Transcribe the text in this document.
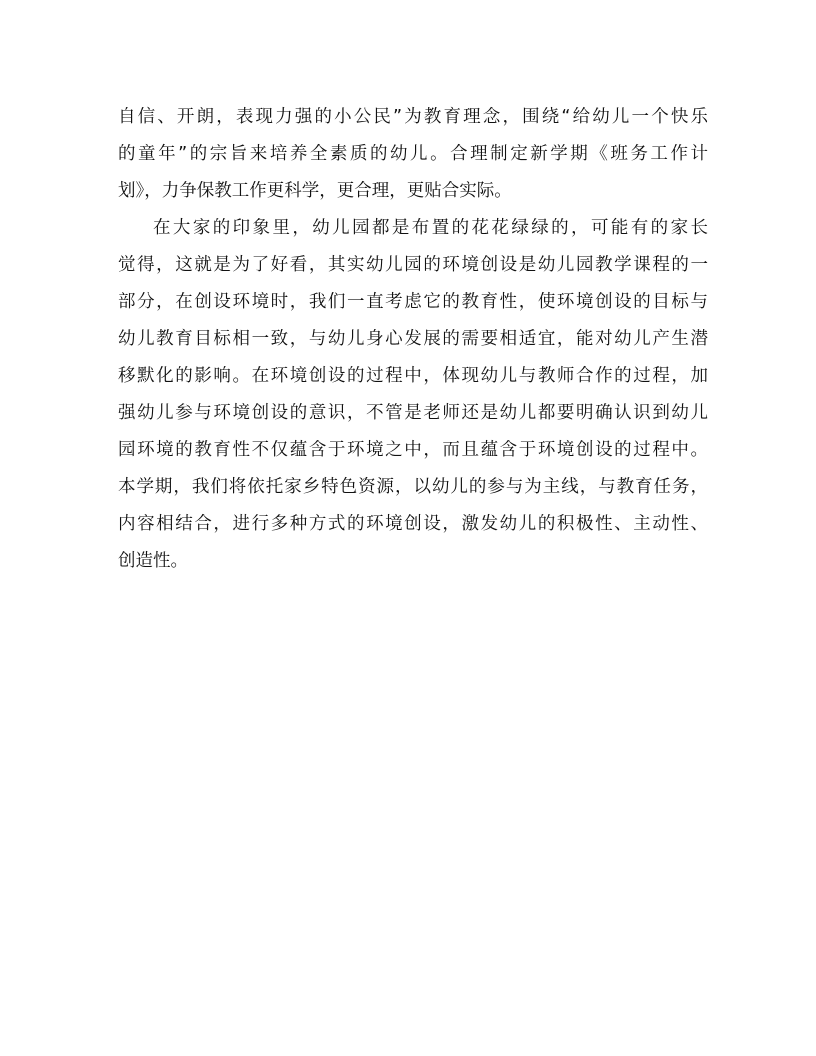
自信、开朗，表现力强的小公民”为教育理念，围绕“给幼儿一个快乐
的童年”的宗旨来培养全素质的幼儿。合理制定新学期《班务工作计
划》，力争保教工作更科学，更合理，更贴合实际。
在大家的印象里，幼儿园都是布置的花花绿绿的，可能有的家长
觉得，这就是为了好看，其实幼儿园的环境创设是幼儿园教学课程的一
部分，在创设环境时，我们一直考虑它的教育性，使环境创设的目标与
幼儿教育目标相一致，与幼儿身心发展的需要相适宜，能对幼儿产生潜
移默化的影响。在环境创设的过程中，体现幼儿与教师合作的过程，加
强幼儿参与环境创设的意识，不管是老师还是幼儿都要明确认识到幼儿
园环境的教育性不仅蕴含于环境之中，而且蕴含于环境创设的过程中。
本学期，我们将依托家乡特色资源，以幼儿的参与为主线，与教育任务，
内容相结合，进行多种方式的环境创设，激发幼儿的积极性、主动性、
创造性。
